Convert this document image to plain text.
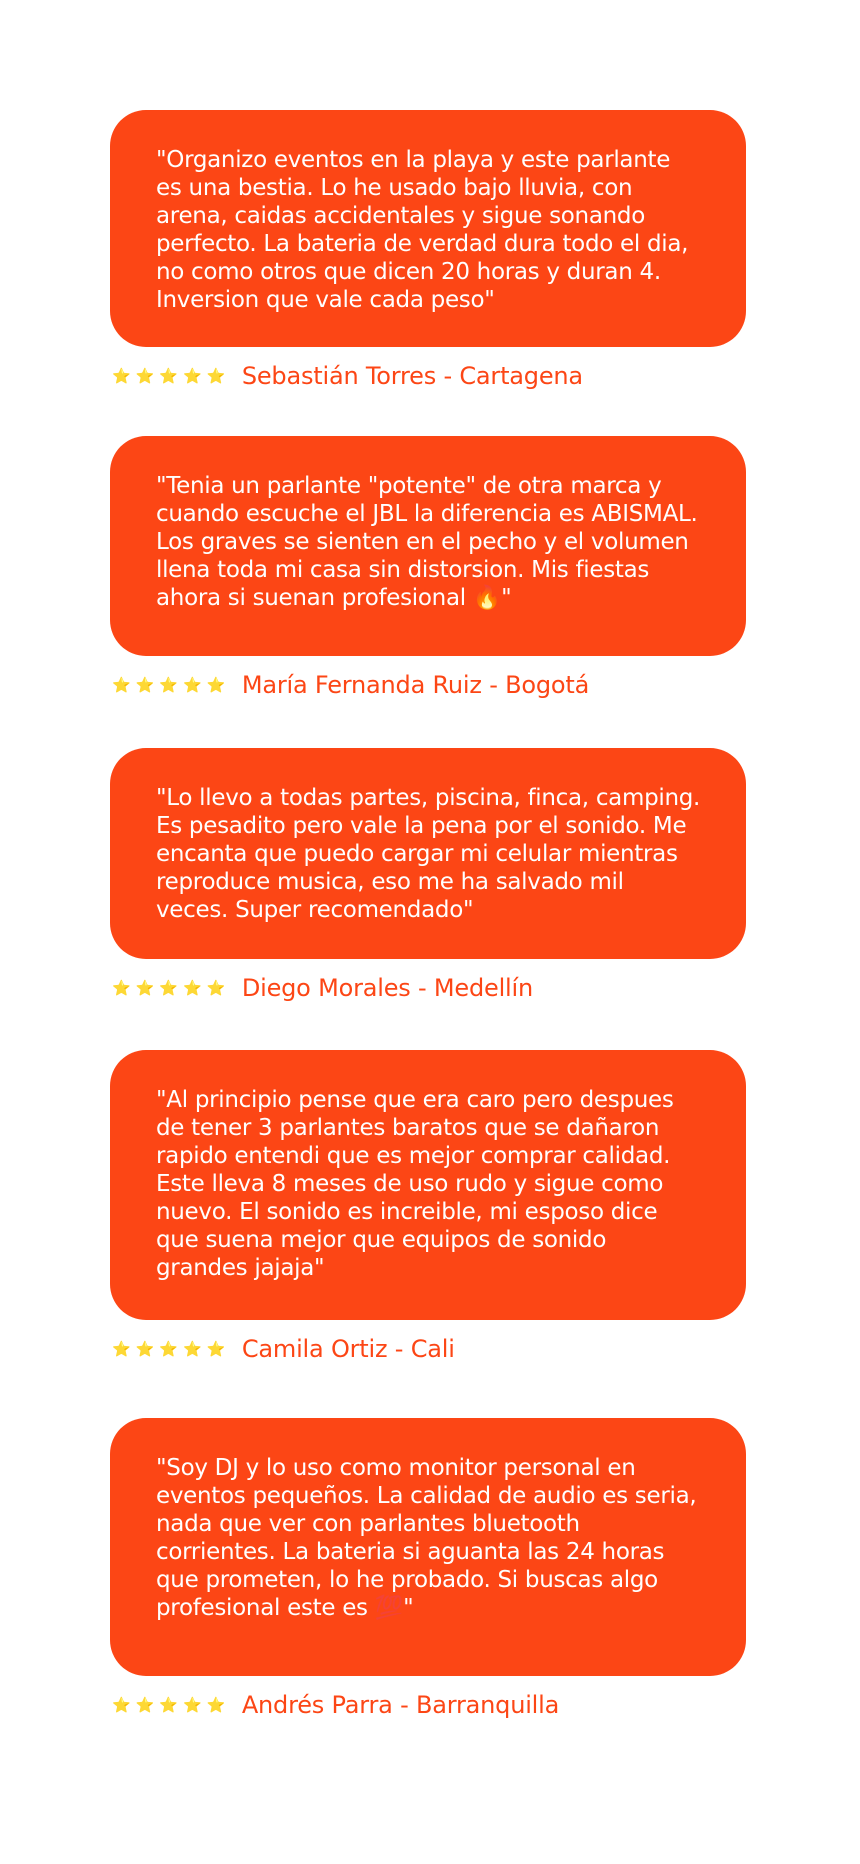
"Organizo eventos en la playa y este parlante es una bestia. Lo he usado bajo lluvia, con arena, caidas accidentales y sigue sonando perfecto. La bateria de verdad dura todo el dia, no como otros que dicen 20 horas y duran 4. Inversion que vale cada peso"
⭐⭐⭐⭐⭐ Sebastián Torres - Cartagena
"Tenia un parlante "potente" de otra marca y cuando escuche el JBL la diferencia es ABISMAL. Los graves se sienten en el pecho y el volumen llena toda mi casa sin distorsion. Mis fiestas ahora si suenan profesional 🔥"
⭐⭐⭐⭐⭐ María Fernanda Ruiz - Bogotá
"Lo llevo a todas partes, piscina, finca, camping. Es pesadito pero vale la pena por el sonido. Me encanta que puedo cargar mi celular mientras reproduce musica, eso me ha salvado mil veces. Super recomendado"
⭐⭐⭐⭐⭐ Diego Morales - Medellín
"Al principio pense que era caro pero despues de tener 3 parlantes baratos que se dañaron rapido entendi que es mejor comprar calidad. Este lleva 8 meses de uso rudo y sigue como nuevo. El sonido es increible, mi esposo dice que suena mejor que equipos de sonido grandes jajaja"
⭐⭐⭐⭐⭐ Camila Ortiz - Cali
"Soy DJ y lo uso como monitor personal en eventos pequeños. La calidad de audio es seria, nada que ver con parlantes bluetooth corrientes. La bateria si aguanta las 24 horas que prometen, lo he probado. Si buscas algo profesional este es 💯"
⭐⭐⭐⭐⭐ Andrés Parra - Barranquilla
